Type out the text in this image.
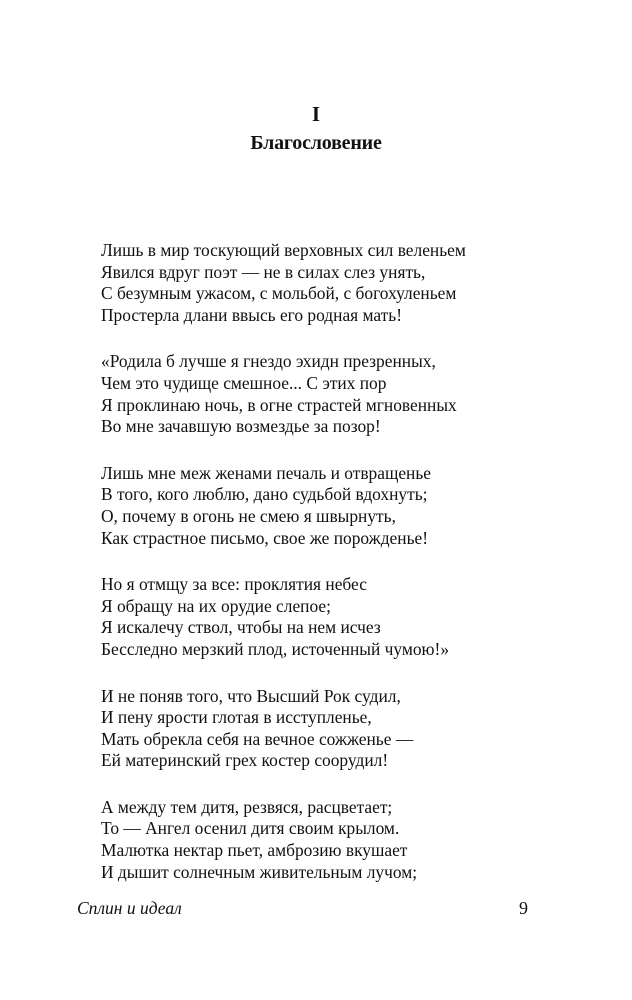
I
Благословение
Лишь в мир тоскующий верховных сил веленьем
Явился вдруг поэт — не в силах слез унять,
С безумным ужасом, с мольбой, с богохуленьем
Простерла длани ввысь его родная мать!
«Родила б лучше я гнездо эхидн презренных,
Чем это чудище смешное... С этих пор
Я проклинаю ночь, в огне страстей мгновенных
Во мне зачавшую возмездье за позор!
Лишь мне меж женами печаль и отвращенье
В того, кого люблю, дано судьбой вдохнуть;
О, почему в огонь не смею я швырнуть,
Как страстное письмо, свое же порожденье!
Но я отмщу за все: проклятия небес
Я обращу на их орудие слепое;
Я искалечу ствол, чтобы на нем исчез
Бесследно мерзкий плод, источенный чумою!»
И не поняв того, что Высший Рок судил,
И пену ярости глотая в исступленье,
Мать обрекла себя на вечное сожженье —
Ей материнский грех костер соорудил!
А между тем дитя, резвяся, расцветает;
То — Ангел осенил дитя своим крылом.
Малютка нектар пьет, амброзию вкушает
И дышит солнечным живительным лучом;
Сплин и идеал	9
